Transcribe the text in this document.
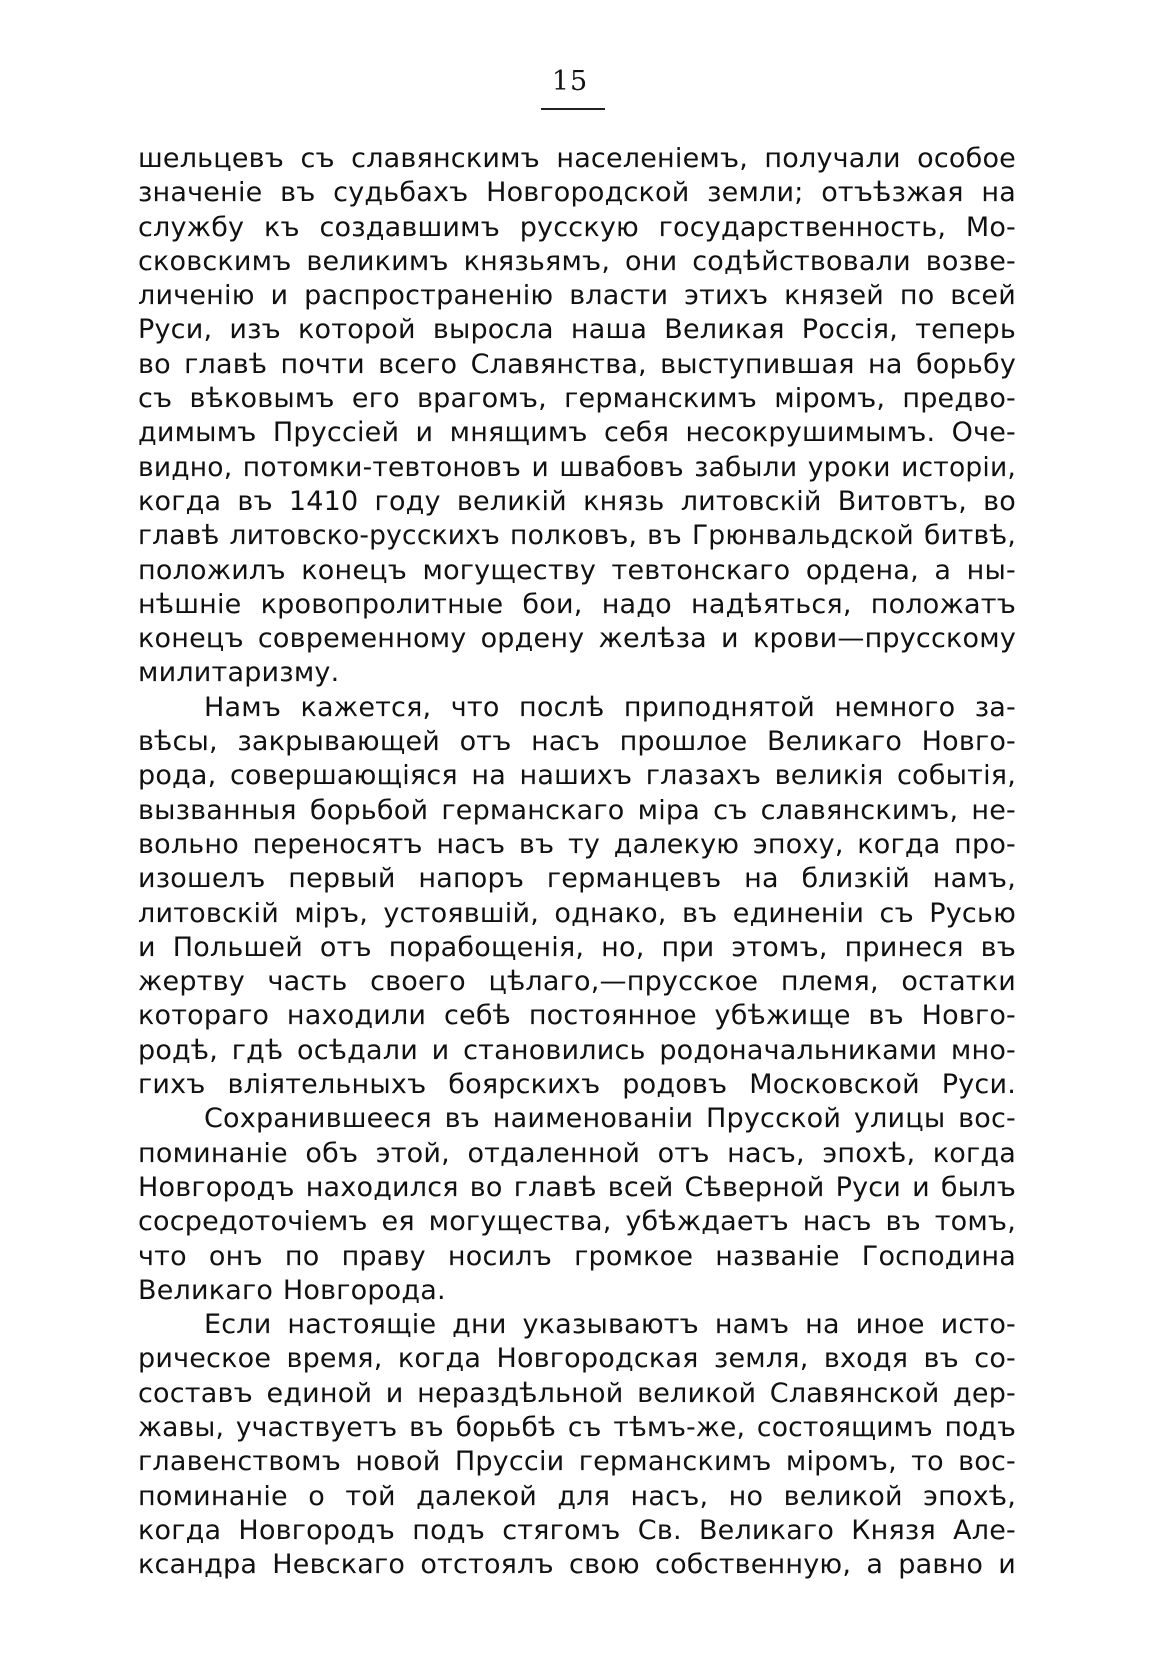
15
шельцевъ съ славянскимъ населеніемъ, получали особое
значеніе въ судьбахъ Новгородской земли; отъѣзжая на
службу къ создавшимъ русскую государственность, Мо-
сковскимъ великимъ князьямъ, они содѣйствовали возве-
личенію и распространенію власти этихъ князей по всей
Руси, изъ которой выросла наша Великая Россія, теперь
во главѣ почти всего Славянства, выступившая на борьбу
съ вѣковымъ его врагомъ, германскимъ міромъ, предво-
димымъ Пруссiей и мнящимъ себя несокрушимымъ. Оче-
видно, потомки-тевтоновъ и швабовъ забыли уроки исторіи,
когда въ 1410 году великій князь литовскій Витовтъ, во
главѣ литовско-русскихъ полковъ, въ Грюнвальдской битвѣ,
положилъ конецъ могуществу тевтонскаго ордена, а ны-
нѣшніе кровопролитные бои, надо надѣяться, положатъ
конецъ современному ордену желѣза и крови—прусскому
милитаризму.
Намъ кажется, что послѣ приподнятой немного за-
вѣсы, закрывающей отъ насъ прошлое Великаго Новго-
рода, совершающіяся на нашихъ глазахъ великія событія,
вызванныя борьбой германскаго міра съ славянскимъ, не-
вольно переносятъ насъ въ ту далекую эпоху, когда про-
изошелъ первый напоръ германцевъ на близкій намъ,
литовскій міръ, устоявшій, однако, въ единеніи съ Русью
и Польшей отъ порабощенія, но, при этомъ, принеся въ
жертву часть своего цѣлаго,—прусское племя, остатки
котораго находили себѣ постоянное убѣжище въ Новго-
родѣ, гдѣ осѣдали и становились родоначальниками мно-
гихъ вліятельныхъ боярскихъ родовъ Московской Руси.
Сохранившееся въ наименованіи Прусской улицы вос-
поминаніе объ этой, отдаленной отъ насъ, эпохѣ, когда
Новгородъ находился во главѣ всей Сѣверной Руси и былъ
сосредоточіемъ ея могущества, убѣждаетъ насъ въ томъ,
что онъ по праву носилъ громкое названіе Господина
Великаго Новгорода.
Если настоящіе дни указываютъ намъ на иное исто-
рическое время, когда Новгородская земля, входя въ со-
составъ единой и нераздѣльной великой Славянской дер-
жавы, участвуетъ въ борьбѣ съ тѣмъ-же, состоящимъ подъ
главенствомъ новой Пруссіи германскимъ міромъ, то вос-
поминаніе о той далекой для насъ, но великой эпохѣ,
когда Новгородъ подъ стягомъ Св. Великаго Князя Але-
ксандра Невскаго отстоялъ свою собственную, а равно и
